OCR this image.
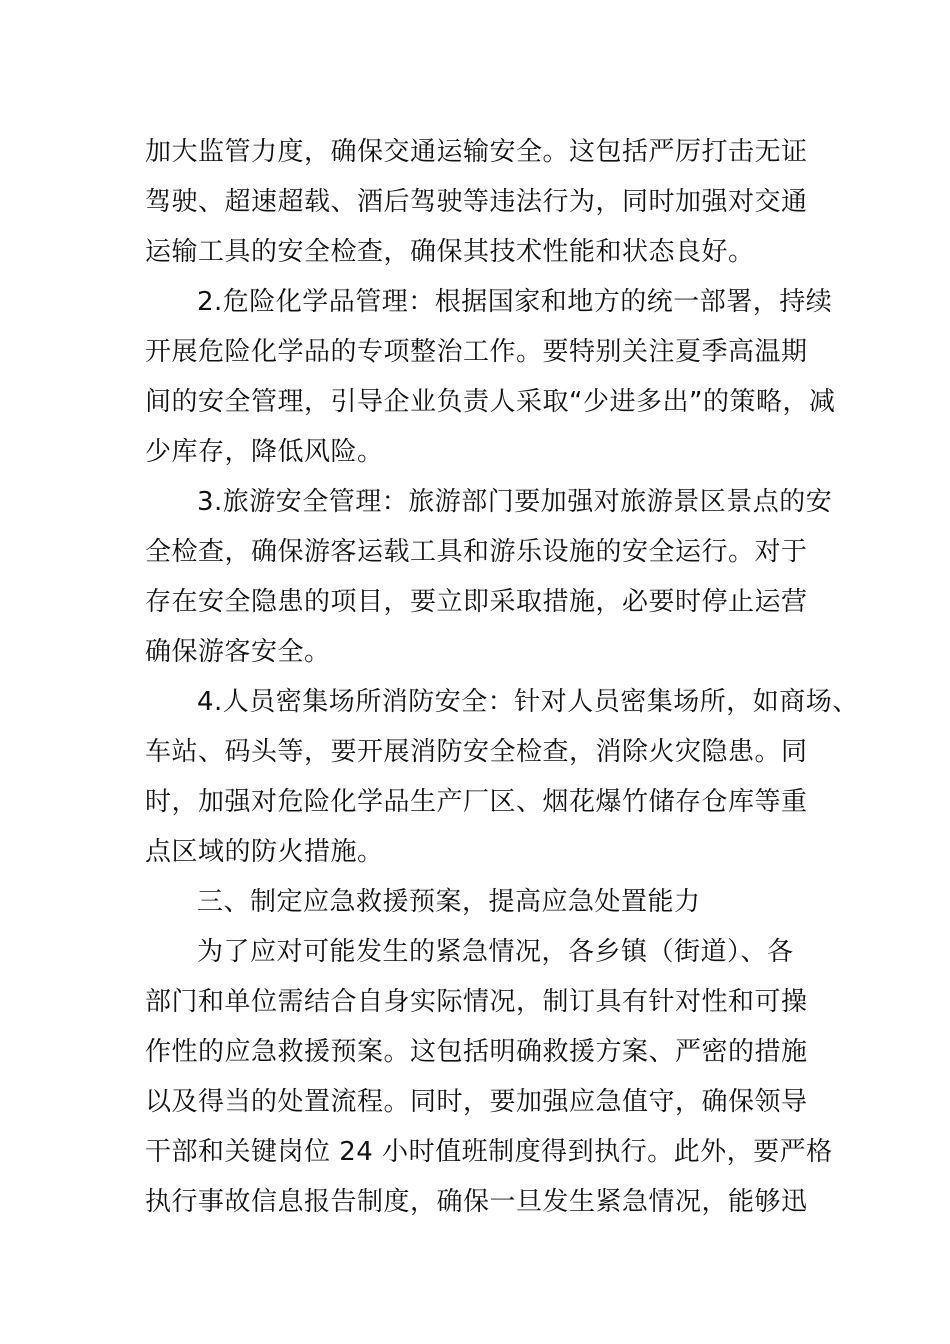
加大监管力度，确保交通运输安全。这包括严厉打击无证
驾驶、超速超载、酒后驾驶等违法行为，同时加强对交通
运输工具的安全检查，确保其技术性能和状态良好。
2.危险化学品管理：根据国家和地方的统一部署，持续
开展危险化学品的专项整治工作。要特别关注夏季高温期
间的安全管理，引导企业负责人采取“少进多出”的策略，减
少库存，降低风险。
3.旅游安全管理：旅游部门要加强对旅游景区景点的安
全检查，确保游客运载工具和游乐设施的安全运行。对于
存在安全隐患的项目，要立即采取措施，必要时停止运营
确保游客安全。
4.人员密集场所消防安全：针对人员密集场所，如商场、
车站、码头等，要开展消防安全检查，消除火灾隐患。同
时，加强对危险化学品生产厂区、烟花爆竹储存仓库等重
点区域的防火措施。
三、制定应急救援预案，提高应急处置能力
为了应对可能发生的紧急情况，各乡镇（街道）、各
部门和单位需结合自身实际情况，制订具有针对性和可操
作性的应急救援预案。这包括明确救援方案、严密的措施
以及得当的处置流程。同时，要加强应急值守，确保领导
干部和关键岗位 24 小时值班制度得到执行。此外，要严格
执行事故信息报告制度，确保一旦发生紧急情况，能够迅
